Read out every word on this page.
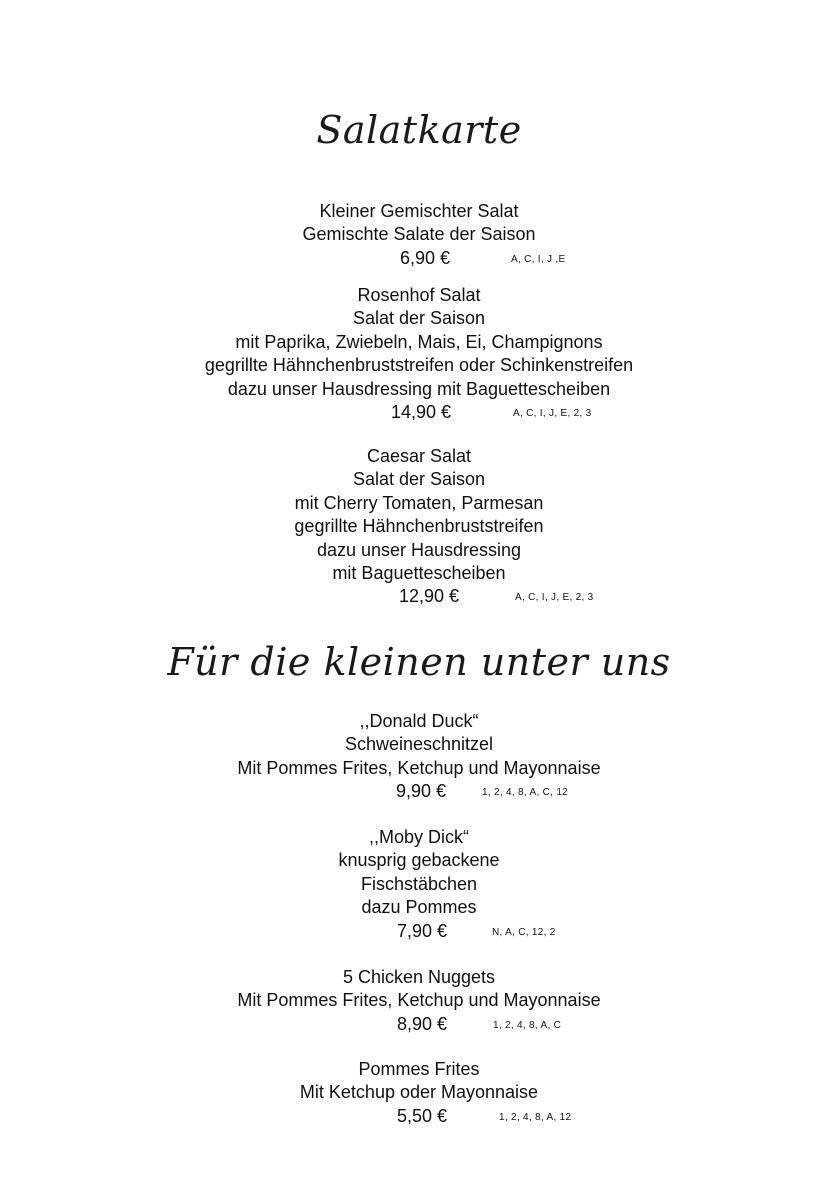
Salatkarte
Kleiner Gemischter Salat
Gemischte Salate der Saison
6,90 €	A, C, I, J ,E
Rosenhof Salat
Salat der Saison
mit Paprika, Zwiebeln, Mais, Ei, Champignons
gegrillte Hähnchenbruststreifen oder Schinkenstreifen
dazu unser Hausdressing mit Baguettescheiben
14,90 €	A, C, I, J, E, 2, 3
Caesar Salat
Salat der Saison
mit Cherry Tomaten, Parmesan
gegrillte Hähnchenbruststreifen
dazu unser Hausdressing
mit Baguettescheiben
12,90 €	A, C, I, J, E, 2, 3
Für die kleinen unter uns
,,Donald Duck“
Schweineschnitzel
Mit Pommes Frites, Ketchup und Mayonnaise
9,90 €	1, 2, 4, 8, A, C, 12
,,Moby Dick“
knusprig gebackene
Fischstäbchen
dazu Pommes
7,90 €	N, A, C, 12, 2
5 Chicken Nuggets
Mit Pommes Frites, Ketchup und Mayonnaise
8,90 €	1, 2, 4, 8, A, C
Pommes Frites
Mit Ketchup oder Mayonnaise
5,50 €	1, 2, 4, 8, A, 12
